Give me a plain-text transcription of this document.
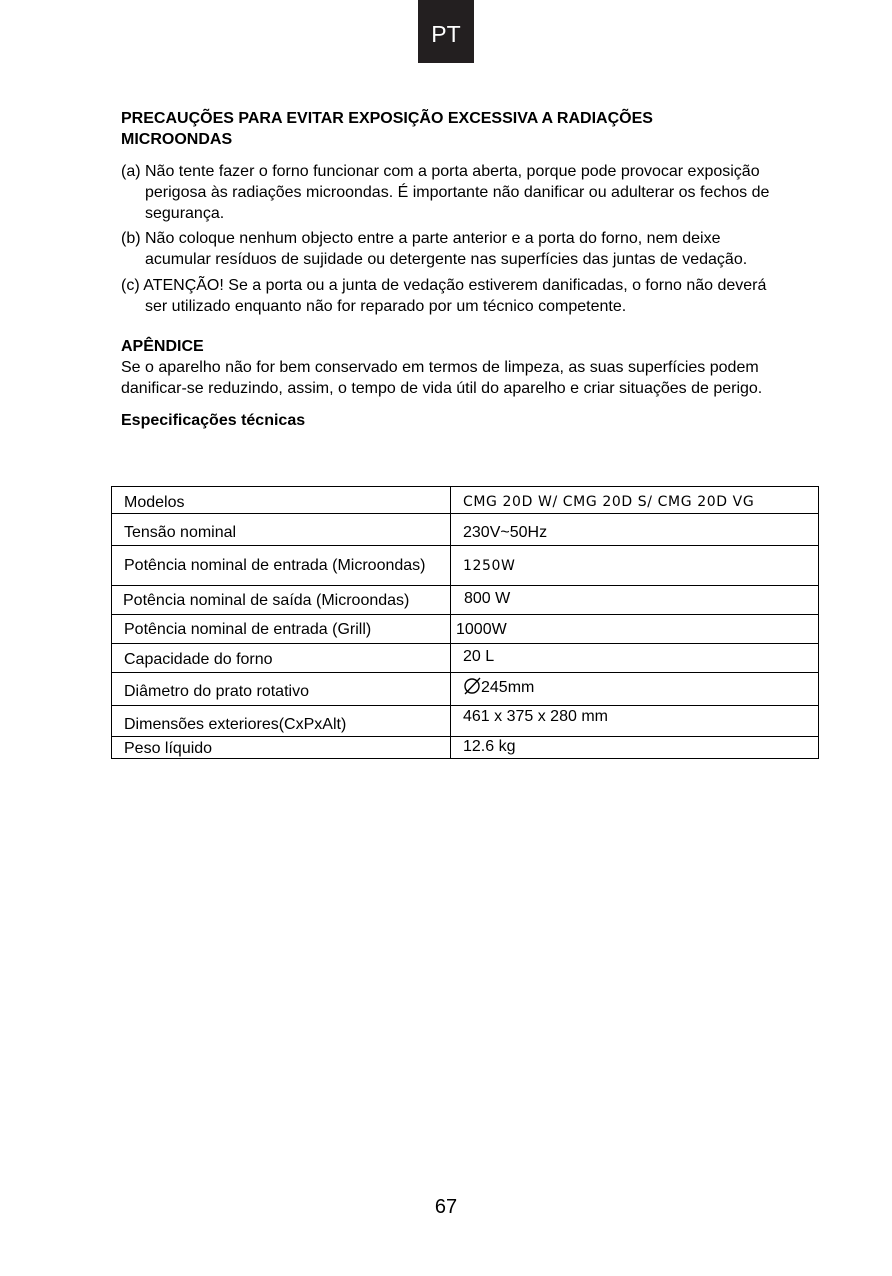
PT
PRECAUÇÕES PARA EVITAR EXPOSIÇÃO EXCESSIVA A RADIAÇÕES MICROONDAS
(a) Não tente fazer o forno funcionar com a porta aberta, porque pode provocar exposição perigosa às radiações microondas. É importante não danificar ou adulterar os fechos de segurança.
(b) Não coloque nenhum objecto entre a parte anterior e a porta do forno, nem deixe acumular resíduos de sujidade ou detergente nas superfícies das juntas de vedação.
(c) ATENÇÃO! Se a porta ou a junta de vedação estiverem danificadas, o forno não deverá ser utilizado enquanto não for reparado por um técnico competente.
APÊNDICE

Se o aparelho não for bem conservado em termos de limpeza, as suas superfícies podem danificar-se reduzindo, assim, o tempo de vida útil do aparelho e criar situações de perigo.

Especificações técnicas
Modelos	CMG 20D W/ CMG 20D S/ CMG 20D VG
Tensão nominal	230V~50Hz
Potência nominal de entrada (Microondas)	1250W
Potência nominal de saída (Microondas)	800 W
Potência nominal de entrada (Grill)	1000W
Capacidade do forno	20 L
Diâmetro do prato rotativo	245mm
Dimensões exteriores(CxPxAlt)	461 x 375 x 280 mm
Peso líquido	12.6 kg
67
